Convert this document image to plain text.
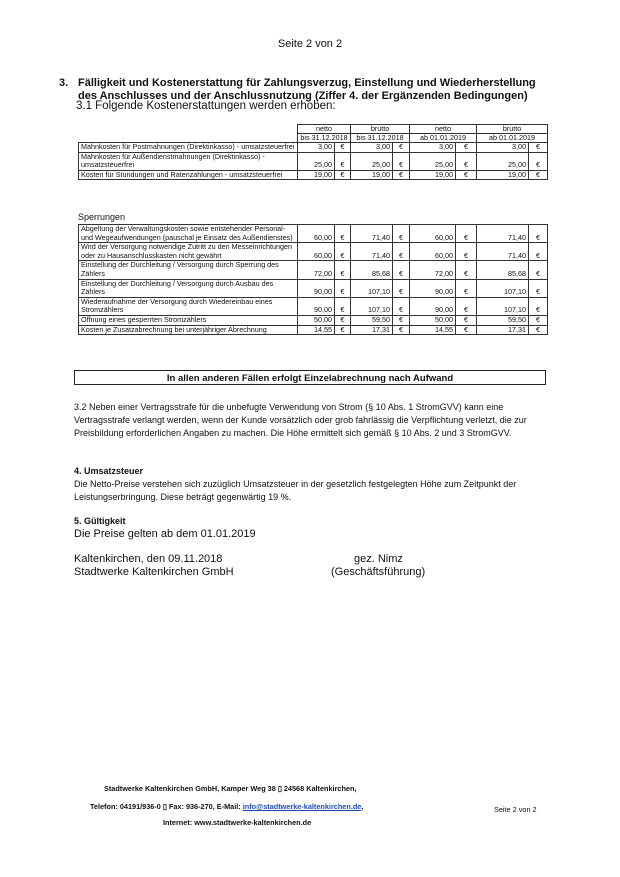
Seite 2 von 2
3. Fälligkeit und Kostenerstattung für Zahlungsverzug, Einstellung und Wiederherstellung des Anschlusses und der Anschlussnutzung (Ziffer 4. der Ergänzenden Bedingungen)
3.1 Folgende Kostenerstattungen werden erhoben:
	netto		brutto		netto		brutto	
	bis 31.12.2018		bis 31.12.2018		ab 01.01.2019		ab 01.01.2019	
Mahnkosten für Postmahnungen (Direktinkasso) - umsatzsteuerfrei	3,00	€	3,00	€	3,00	€	3,00	€
Mahnkosten für Außendienstmahnungen (Direktinkasso) - umsatzsteuerfrei	25,00	€	25,00	€	25,00	€	25,00	€
Kosten für Stundungen und Ratenzahlungen - umsatzsteuerfrei	19,00	€	19,00	€	19,00	€	19,00	€
Sperrungen
Abgeltung der Verwaltungskosten sowie entstehender Personal- und Wegeaufwendungen (pauschal je Einsatz des Außendienstes)	60,00	€	71,40	€	60,00	€	71,40	€
Wird der Versorgung notwendige Zutritt zu den Messeinrichtungen oder zu Hausanschlusskasten nicht gewährt	60,00	€	71,40	€	60,00	€	71,40	€
Einstellung der Durchleitung / Versorgung durch Sperrung des Zählers	72,00	€	85,68	€	72,00	€	85,68	€
Einstellung der Durchleitung / Versorgung durch Ausbau des Zählers	90,00	€	107,10	€	90,00	€	107,10	€
Wiederaufnahme der Versorgung durch Wiedereinbau eines Stromzählers	90,00	€	107,10	€	90,00	€	107,10	€
Öffnung eines gesperrten Stromzählers	50,00	€	59,50	€	50,00	€	59,50	€
Kosten je Zusatzabrechnung bei unterjähriger Abrechnung	14,55	€	17,31	€	14,55	€	17,31	€
In allen anderen Fällen erfolgt Einzelabrechnung nach Aufwand
3.2 Neben einer Vertragsstrafe für die unbefugte Verwendung von Strom (§ 10 Abs. 1 StromGVV) kann eine Vertragsstrafe verlangt werden, wenn der Kunde vorsätzlich oder grob fahrlässig die Verpflichtung verletzt, die zur Preisbildung erforderlichen Angaben zu machen. Die Höhe ermittelt sich gemäß § 10 Abs. 2 und 3 StromGVV.
4. Umsatzsteuer
Die Netto-Preise verstehen sich zuzüglich Umsatzsteuer in der gesetzlich festgelegten Höhe zum Zeitpunkt der Leistungserbringung. Diese beträgt gegenwärtig 19 %.
5. Gültigkeit
Die Preise gelten ab dem 01.01.2019
Kaltenkirchen, den 09.11.2018
Stadtwerke Kaltenkirchen GmbH
gez. Nimz
(Geschäftsführung)
Stadtwerke Kaltenkirchen GmbH, Kamper Weg 38 ▯ 24568 Kaltenkirchen,
Telefon: 04191/936-0 ▯ Fax: 936-270, E-Mail: info@stadtwerke-kaltenkirchen.de,
Internet: www.stadtwerke-kaltenkirchen.de
Seite 2 von 2
